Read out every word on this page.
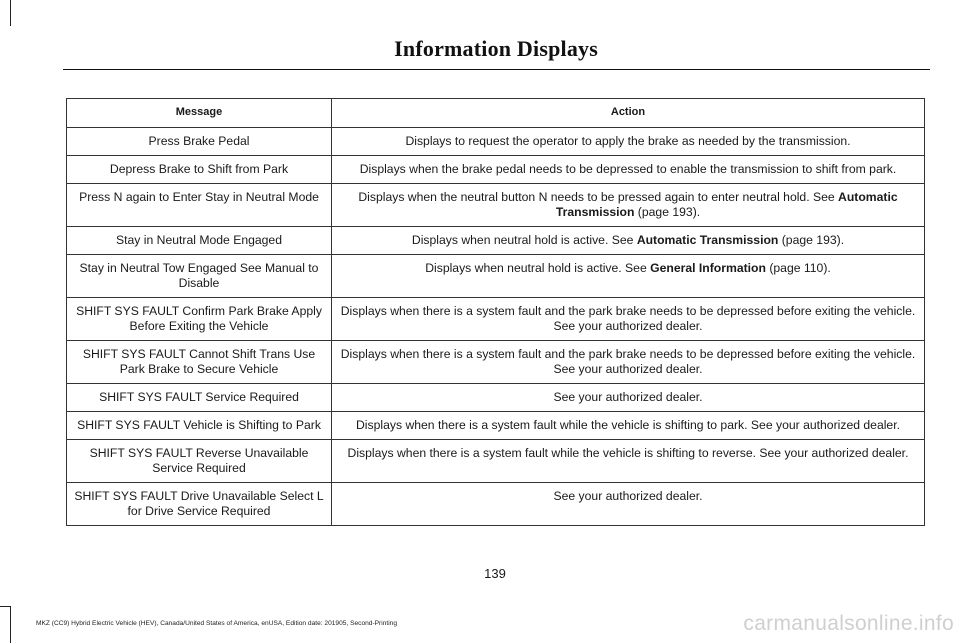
Information Displays
Message	Action
Press Brake Pedal	Displays to request the operator to apply the brake as needed by the transmission.
Depress Brake to Shift from Park	Displays when the brake pedal needs to be depressed to enable the transmission to shift from park.
Press N again to Enter Stay in Neutral Mode	Displays when the neutral button N needs to be pressed again to enter neutral hold. See Automatic Transmission (page 193).
Stay in Neutral Mode Engaged	Displays when neutral hold is active. See Automatic Transmission (page 193).
Stay in Neutral Tow Engaged See Manual to Disable	Displays when neutral hold is active. See General Information (page 110).
SHIFT SYS FAULT Confirm Park Brake Apply Before Exiting the Vehicle	Displays when there is a system fault and the park brake needs to be depressed before exiting the vehicle. See your authorized dealer.
SHIFT SYS FAULT Cannot Shift Trans Use Park Brake to Secure Vehicle	Displays when there is a system fault and the park brake needs to be depressed before exiting the vehicle. See your authorized dealer.
SHIFT SYS FAULT Service Required	See your authorized dealer.
SHIFT SYS FAULT Vehicle is Shifting to Park	Displays when there is a system fault while the vehicle is shifting to park. See your authorized dealer.
SHIFT SYS FAULT Reverse Unavailable Service Required	Displays when there is a system fault while the vehicle is shifting to reverse. See your authorized dealer.
SHIFT SYS FAULT Drive Unavailable Select L for Drive Service Required	See your authorized dealer.
139
MKZ (CC9) Hybrid Electric Vehicle (HEV), Canada/United States of America, enUSA, Edition date: 201905, Second-Printing	carmanualsonline.info
